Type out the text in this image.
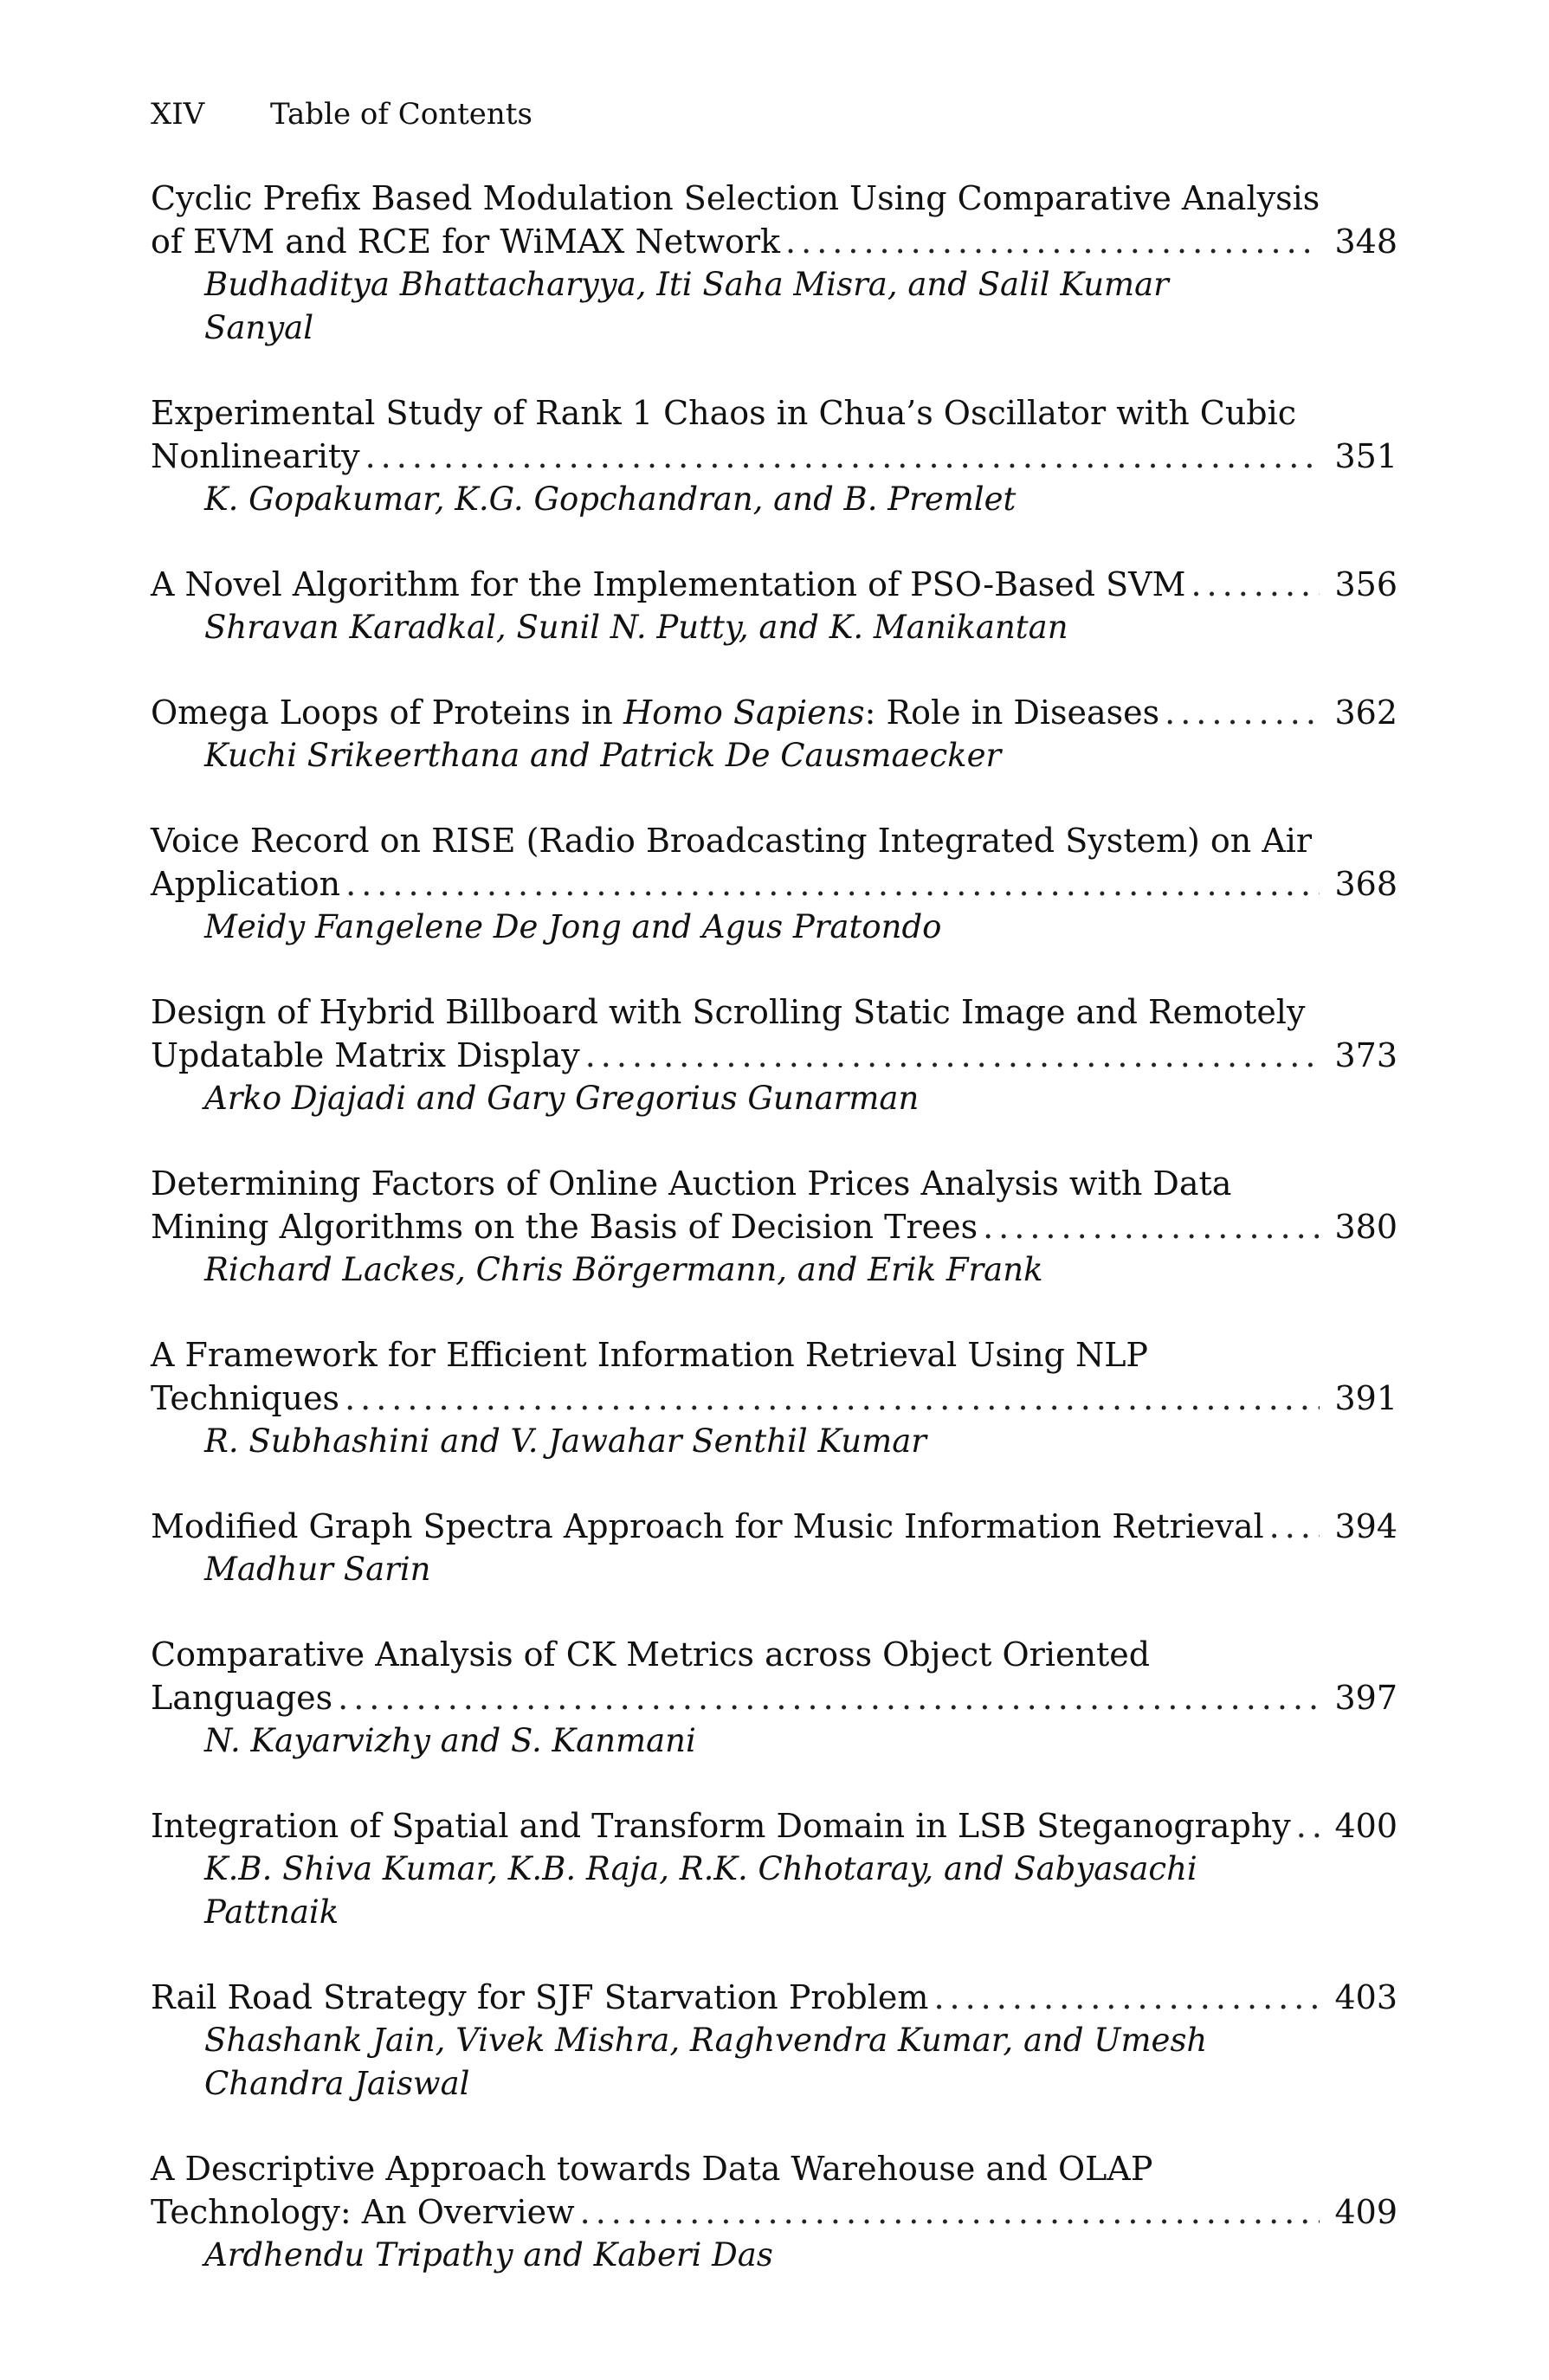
XIV Table of Contents
Cyclic Prefix Based Modulation Selection Using Comparative Analysis
of EVM and RCE for WiMAX Network .....	348
Budhaditya Bhattacharyya, Iti Saha Misra, and Salil Kumar Sanyal
Experimental Study of Rank 1 Chaos in Chua’s Oscillator with Cubic
Nonlinearity .....	351
K. Gopakumar, K.G. Gopchandran, and B. Premlet
A Novel Algorithm for the Implementation of PSO-Based SVM .....	356
Shravan Karadkal, Sunil N. Putty, and K. Manikantan
Omega Loops of Proteins in Homo Sapiens: Role in Diseases .....	362
Kuchi Srikeerthana and Patrick De Causmaecker
Voice Record on RISE (Radio Broadcasting Integrated System) on Air
Application .....	368
Meidy Fangelene De Jong and Agus Pratondo
Design of Hybrid Billboard with Scrolling Static Image and Remotely
Updatable Matrix Display .....	373
Arko Djajadi and Gary Gregorius Gunarman
Determining Factors of Online Auction Prices Analysis with Data
Mining Algorithms on the Basis of Decision Trees .....	380
Richard Lackes, Chris Börgermann, and Erik Frank
A Framework for Efficient Information Retrieval Using NLP
Techniques .....	391
R. Subhashini and V. Jawahar Senthil Kumar
Modified Graph Spectra Approach for Music Information Retrieval ..... 394
Madhur Sarin
Comparative Analysis of CK Metrics across Object Oriented
Languages .....	397
N. Kayarvizhy and S. Kanmani
Integration of Spatial and Transform Domain in LSB Steganography ..... 400
K.B. Shiva Kumar, K.B. Raja, R.K. Chhotaray, and Sabyasachi Pattnaik
Rail Road Strategy for SJF Starvation Problem .....	403
Shashank Jain, Vivek Mishra, Raghvendra Kumar, and Umesh Chandra Jaiswal
A Descriptive Approach towards Data Warehouse and OLAP
Technology: An Overview .....	409
Ardhendu Tripathy and Kaberi Das
